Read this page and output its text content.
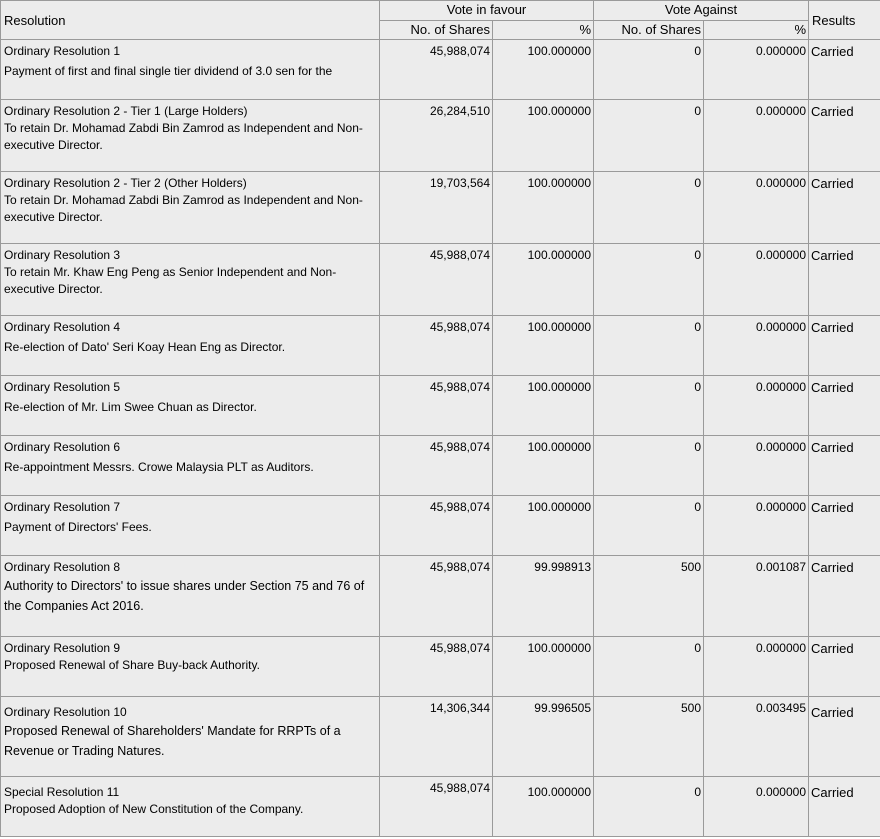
Resolution	Vote in favour		Vote Against		Results
	No. of Shares	%	No. of Shares	%	

Ordinary Resolution 1
Payment of first and final single tier dividend of 3.0 sen for the	45,988,074	100.000000	0	0.000000	Carried

Ordinary Resolution 2 - Tier 1 (Large Holders)
To retain Dr. Mohamad Zabdi Bin Zamrod as Independent and Non-executive Director.	26,284,510	100.000000	0	0.000000	Carried

Ordinary Resolution 2 - Tier 2 (Other Holders)
To retain Dr. Mohamad Zabdi Bin Zamrod as Independent and Non-executive Director.	19,703,564	100.000000	0	0.000000	Carried

Ordinary Resolution 3
To retain Mr. Khaw Eng Peng as Senior Independent and Non-executive Director.	45,988,074	100.000000	0	0.000000	Carried

Ordinary Resolution 4
Re-election of Dato' Seri Koay Hean Eng as Director.	45,988,074	100.000000	0	0.000000	Carried

Ordinary Resolution 5
Re-election of Mr. Lim Swee Chuan as Director.	45,988,074	100.000000	0	0.000000	Carried

Ordinary Resolution 6
Re-appointment Messrs. Crowe Malaysia PLT as Auditors.	45,988,074	100.000000	0	0.000000	Carried

Ordinary Resolution 7
Payment of Directors' Fees.	45,988,074	100.000000	0	0.000000	Carried

Ordinary Resolution 8
Authority to Directors' to issue shares under Section 75 and 76 of the Companies Act 2016.	45,988,074	99.998913	500	0.001087	Carried

Ordinary Resolution 9
Proposed Renewal of Share Buy-back Authority.	45,988,074	100.000000	0	0.000000	Carried

Ordinary Resolution 10
Proposed Renewal of Shareholders' Mandate for RRPTs of a Revenue or Trading Natures.	14,306,344	99.996505	500	0.003495	Carried

Special Resolution 11
Proposed Adoption of New Constitution of the Company.	45,988,074	100.000000	0	0.000000	Carried
